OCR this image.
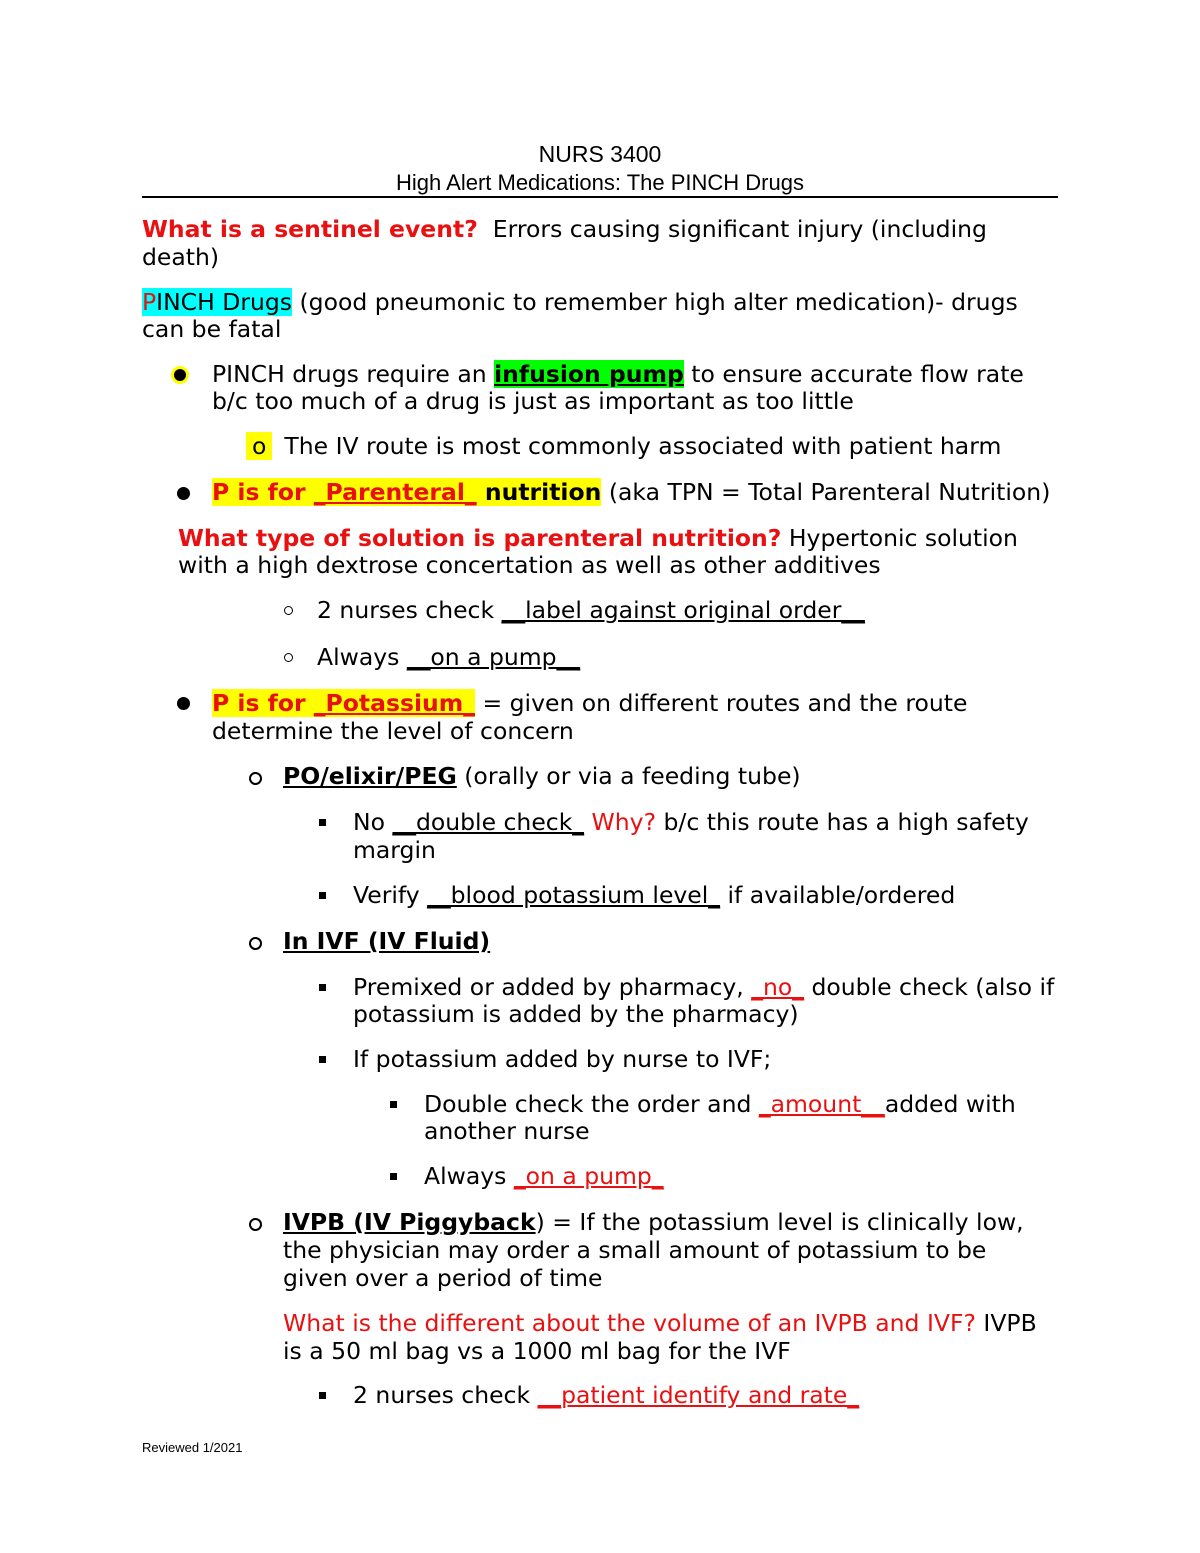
NURS 3400
High Alert Medications: The PINCH Drugs
What is a sentinel event? Errors causing significant injury (including
death)
PINCH Drugs (good pneumonic to remember high alter medication)- drugs
can be fatal
PINCH drugs require an infusion pump to ensure accurate flow rate
b/c too much of a drug is just as important as too little
o The IV route is most commonly associated with patient harm
P is for _Parenteral_ nutrition (aka TPN = Total Parenteral Nutrition)
What type of solution is parenteral nutrition? Hypertonic solution
with a high dextrose concertation as well as other additives
2 nurses check __label against original order__
Always __on a pump__
P is for _Potassium_ = given on different routes and the route
determine the level of concern
PO/elixir/PEG (orally or via a feeding tube)
No __double check_ Why? b/c this route has a high safety
margin
Verify __blood potassium level_ if available/ordered
In IVF (IV Fluid)
Premixed or added by pharmacy, _no_ double check (also if
potassium is added by the pharmacy)
If potassium added by nurse to IVF;
Double check the order and _amount__added with
another nurse
Always _on a pump_
IVPB (IV Piggyback) = If the potassium level is clinically low,
the physician may order a small amount of potassium to be
given over a period of time
What is the different about the volume of an IVPB and IVF? IVPB
is a 50 ml bag vs a 1000 ml bag for the IVF
2 nurses check __patient identify and rate_
Reviewed 1/2021
